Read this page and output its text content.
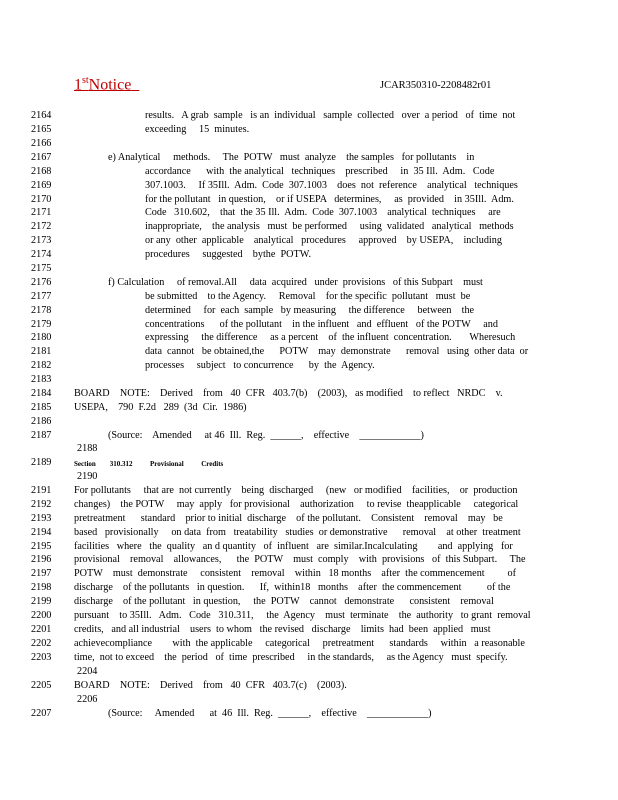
1stNotice	JCAR350310-2208482r01
2164	results.   A grab  sample   is an  individual   sample  collected   over  a period   of  time  not
2165	exceeding     15  minutes.
2166
2167	e) Analytical     methods.     The  POTW   must  analyze    the samples   for pollutants    in
2168	accordance      with  the analytical   techniques    prescribed     in  35 Ill.  Adm.   Code
2169	307.1003.     If 35Ill.  Adm.  Code  307.1003    does  not  reference    analytical   techniques
2170	for the pollutant   in question,    or if USEPA   determines,     as  provided    in 35Ill.  Adm.
2171	Code   310.602,    that  the 35 Ill.  Adm.  Code  307.1003    analytical  techniques     are
2172	inappropriate,    the analysis   must  be performed     using  validated   analytical   methods
2173	or any  other  applicable    analytical   procedures     approved    by USEPA,    including
2174	procedures     suggested    bythe  POTW.
2175
2176	f) Calculation     of removal.All     data  acquired   under  provisions   of this Subpart    must
2177	be submitted    to the Agency.     Removal    for the specific  pollutant   must  be
2178	determined     for  each  sample   by measuring     the difference     between    the
2179	concentrations      of the pollutant    in the influent   and  effluent   of the POTW     and
2180	expressing     the difference     as a percent    of  the influent  concentration.       Wheresuch
2181	data  cannot   be obtained,the      POTW    may  demonstrate      removal   using  other data  or
2182	processes     subject   to concurrence      by  the  Agency.
2183
2184 BOARD    NOTE:    Derived    from   40  CFR   403.7(b)    (2003),   as modified    to reflect   NRDC    v.
2185 USEPA,    790  F.2d   289  (3d  Cir.  1986)
2186
2187	(Source:    Amended     at 46  Ill.  Reg.  ______,    effective    ____________)
2188
2189	Section        310.312          Provisional          Credits
2190
2191 For pollutants     that are  not currently    being  discharged     (new   or modified    facilities,    or  production
2192 changes)    the POTW     may  apply   for provisional    authorization     to revise  theapplicable     categorical
2193 pretreatment      standard    prior to initial  discharge    of the pollutant.    Consistent    removal    may   be
2194 based   provisionally     on data  from   treatability   studies  or demonstrative      removal    at other  treatment
2195 facilities   where   the  quality   an d quantity   of  influent   are  similar.Incalculating        and  applying   for
2196 provisional    removal    allowances,      the  POTW    must  comply    with  provisions   of  this Subpart.     The
2197 POTW    must  demonstrate     consistent    removal    within   18 months    after  the commencement         of
2198 discharge    of the pollutants   in question.      If,  within18   months    after  the commencement          of the
2199 discharge    of the pollutant   in question,     the  POTW    cannot   demonstrate      consistent    removal
2200 pursuant    to 35Ill.   Adm.   Code   310.311,     the  Agency    must  terminate    the  authority   to grant  removal
2201 credits,   and all industrial    users  to whom   the revised   discharge    limits  had  been  applied   must
2202 achievecompliance        with  the applicable     categorical     pretreatment      standards     within   a reasonable
2203 time,  not to exceed    the  period   of  time  prescribed     in the standards,     as the Agency   must  specify.
2204
2205 BOARD    NOTE:    Derived    from   40  CFR   403.7(c)    (2003).
2206
2207	(Source:     Amended      at  46  Ill.  Reg.  ______,    effective    ____________)
